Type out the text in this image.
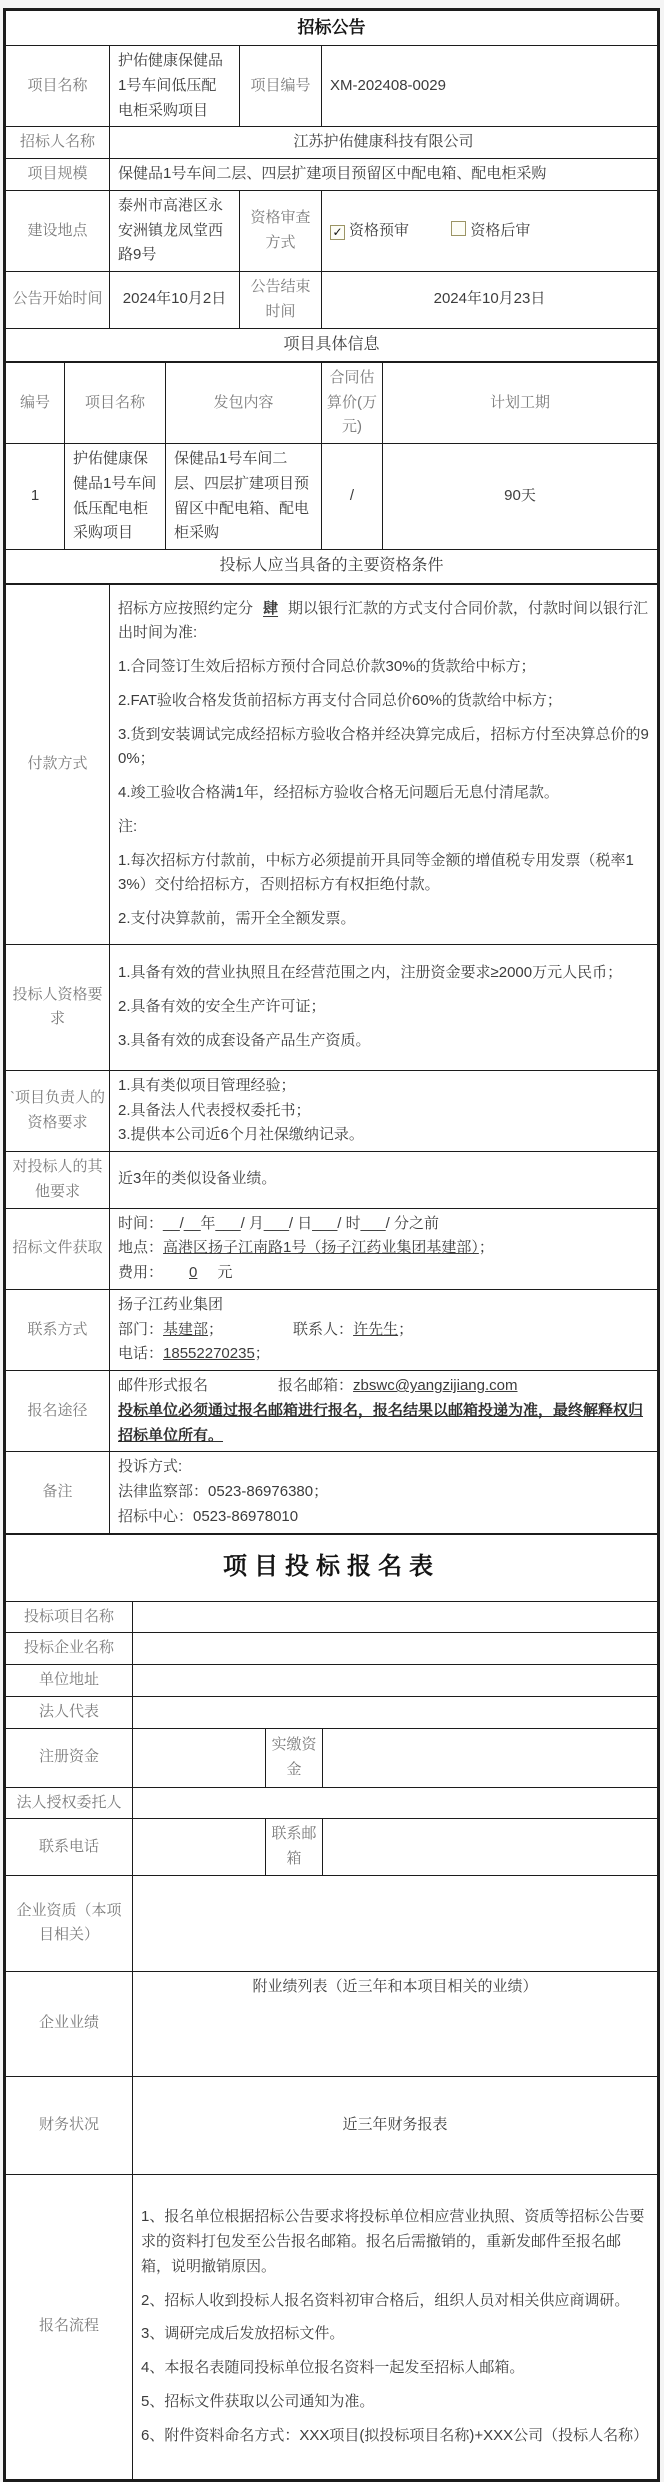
招标公告			
项目名称	护佑健康保健品1号车间低压配电柜采购项目	项目编号	XM-202408-0029
招标人名称	江苏护佑健康科技有限公司		
项目规模	保健品1号车间二层、四层扩建项目预留区中配电箱、配电柜采购		
建设地点	泰州市高港区永安洲镇龙凤堂西路9号	资格审查方式	✓ 资格预审 资格后审
公告开始时间	2024年10月2日	公告结束时间	2024年10月23日
项目具体信息			
编号	项目名称	发包内容	合同估算价(万元)	计划工期
1	护佑健康保健品1号车间低压配电柜采购项目	保健品1号车间二层、四层扩建项目预留区中配电箱、配电柜采购	/	90天
投标人应当具备的主要资格条件				
付款方式	

招标方应按照约定分 肆 期以银行汇款的方式支付合同价款，付款时间以银行汇出时间为准:

1.合同签订生效后招标方预付合同总价款30%的货款给中标方；

2.FAT验收合格发货前招标方再支付合同总价60%的货款给中标方；

3.货到安装调试完成经招标方验收合格并经决算完成后，招标方付至决算总价的90%；

4.竣工验收合格满1年，经招标方验收合格无问题后无息付清尾款。

注:

1.每次招标方付款前，中标方必须提前开具同等金额的增值税专用发票（税率13%）交付给招标方，否则招标方有权拒绝付款。

2.支付决算款前，需开全全额发票。

投标人资格要求	1.具备有效的营业执照且在经营范围之内，注册资金要求≥2000万元人民币；

2.具备有效的安全生产许可证；

3.具备有效的成套设备产品生产资质。

`项目负责人的资格要求	1.具有类似项目管理经验；
2.具备法人代表授权委托书；
3.提供本公司近6个月社保缴纳记录。

对投标人的其他要求	近3年的类似设备业绩。
招标文件获取	时间：__/__年___/ 月___/ 日___/ 时___/ 分之前
地点：高港区扬子江南路1号（扬子江药业集团基建部）；
费用： 0 元

联系方式	扬子江药业集团
部门：基建部； 联系人：许先生；
电话：18552270235；

报名途径	邮件形式报名 报名邮箱：zbswc@yangzijiang.com
投标单位必须通过报名邮箱进行报名，报名结果以邮箱投递为准，最终解释权归招标单位所有。

备注	投诉方式:
法律监察部：0523-86976380；
招标中心：0523-86978010
项目投标报名表			
投标项目名称			
投标企业名称			
单位地址			
法人代表			
注册资金		实缴资金	
法人授权委托人			
联系电话		联系邮箱	
企业资质（本项目相关）			
企业业绩	附业绩列表（近三年和本项目相关的业绩）		
财务状况	近三年财务报表		
报名流程	

1、报名单位根据招标公告要求将投标单位相应营业执照、资质等招标公告要求的资料打包发至公告报名邮箱。报名后需撤销的，重新发邮件至报名邮箱，说明撤销原因。

2、招标人收到投标人报名资料初审合格后，组织人员对相关供应商调研。

3、调研完成后发放招标文件。

4、本报名表随同投标单位报名资料一起发至招标人邮箱。

5、招标文件获取以公司通知为准。

6、附件资料命名方式：XXX项目(拟投标项目名称)+XXX公司（投标人名称）
